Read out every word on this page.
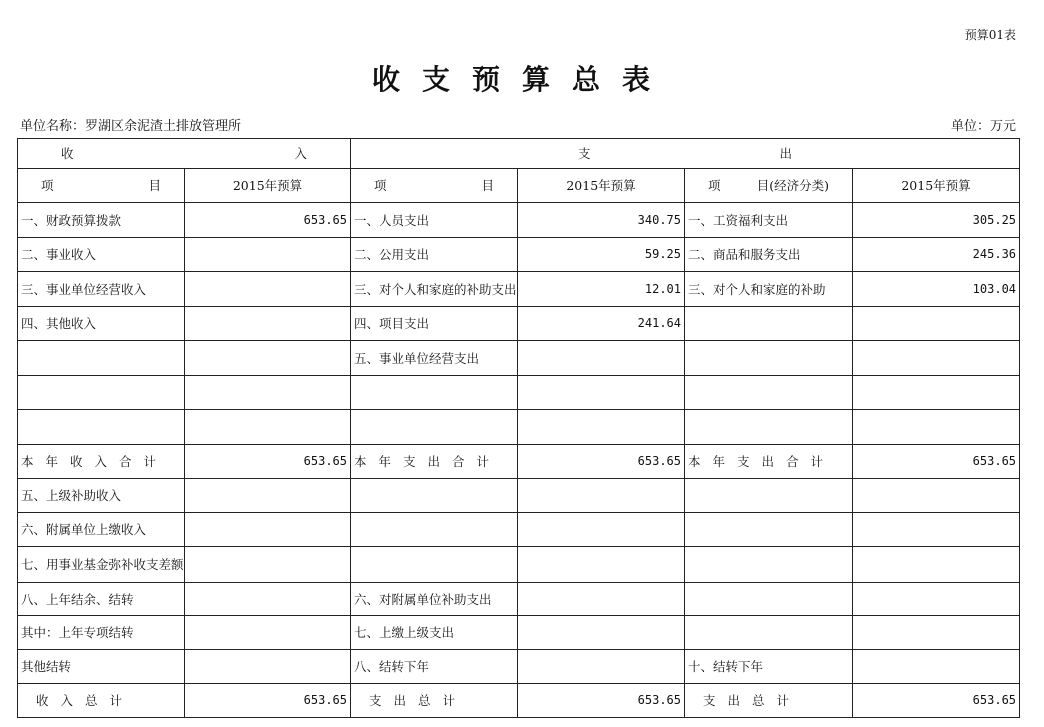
预算01表
收支预算总表
单位名称：罗湖区余泥渣土排放管理所	单位：万元
收 入		支 出			

项 目	2015年预算	项 目	2015年预算	项 目(经济分类)	2015年预算
一、财政预算拨款	653.65	一、人员支出	340.75	一、工资福利支出	305.25
二、事业收入		二、公用支出	59.25	二、商品和服务支出	245.36
三、事业单位经营收入		三、对个人和家庭的补助支出	12.01	三、对个人和家庭的补助	103.04
四、其他收入		四、项目支出	241.64		
		五、事业单位经营支出			

本年收入合计	653.65	本年支出合计	653.65	本年支出合计	653.65
五、上级补助收入					
六、附属单位上缴收入					
七、用事业基金弥补收支差额					
八、上年结余、结转		六、对附属单位补助支出			
其中：上年专项结转		七、上缴上级支出			
其他结转		八、结转下年		十、结转下年	
收入总计	653.65	支出总计	653.65	支出总计	653.65
